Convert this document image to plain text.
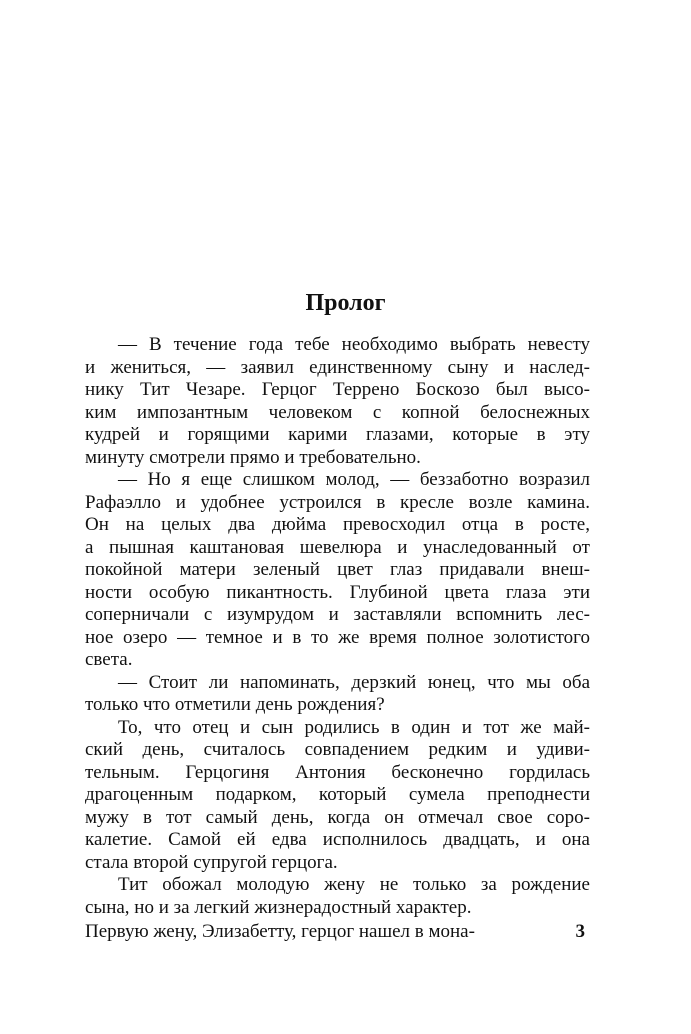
Пролог
— В течение года тебе необходимо выбрать невесту
и жениться, — заявил единственному сыну и наслед-
нику Тит Чезаре. Герцог Террено Боскозо был высо-
ким импозантным человеком с копной белоснежных
кудрей и горящими карими глазами, которые в эту
минуту смотрели прямо и требовательно.
— Но я еще слишком молод, — беззаботно возразил
Рафаэлло и удобнее устроился в кресле возле камина.
Он на целых два дюйма превосходил отца в росте,
а пышная каштановая шевелюра и унаследованный от
покойной матери зеленый цвет глаз придавали внеш-
ности особую пикантность. Глубиной цвета глаза эти
соперничали с изумрудом и заставляли вспомнить лес-
ное озеро — темное и в то же время полное золотистого
света.
— Стоит ли напоминать, дерзкий юнец, что мы оба
только что отметили день рождения?
То, что отец и сын родились в один и тот же май-
ский день, считалось совпадением редким и удиви-
тельным. Герцогиня Антония бесконечно гордилась
драгоценным подарком, который сумела преподнести
мужу в тот самый день, когда он отмечал свое соро-
калетие. Самой ей едва исполнилось двадцать, и она
стала второй супругой герцога.
Тит обожал молодую жену не только за рождение
сына, но и за легкий жизнерадостный характер.
Первую жену, Элизабетту, герцог нашел в мона-	3
